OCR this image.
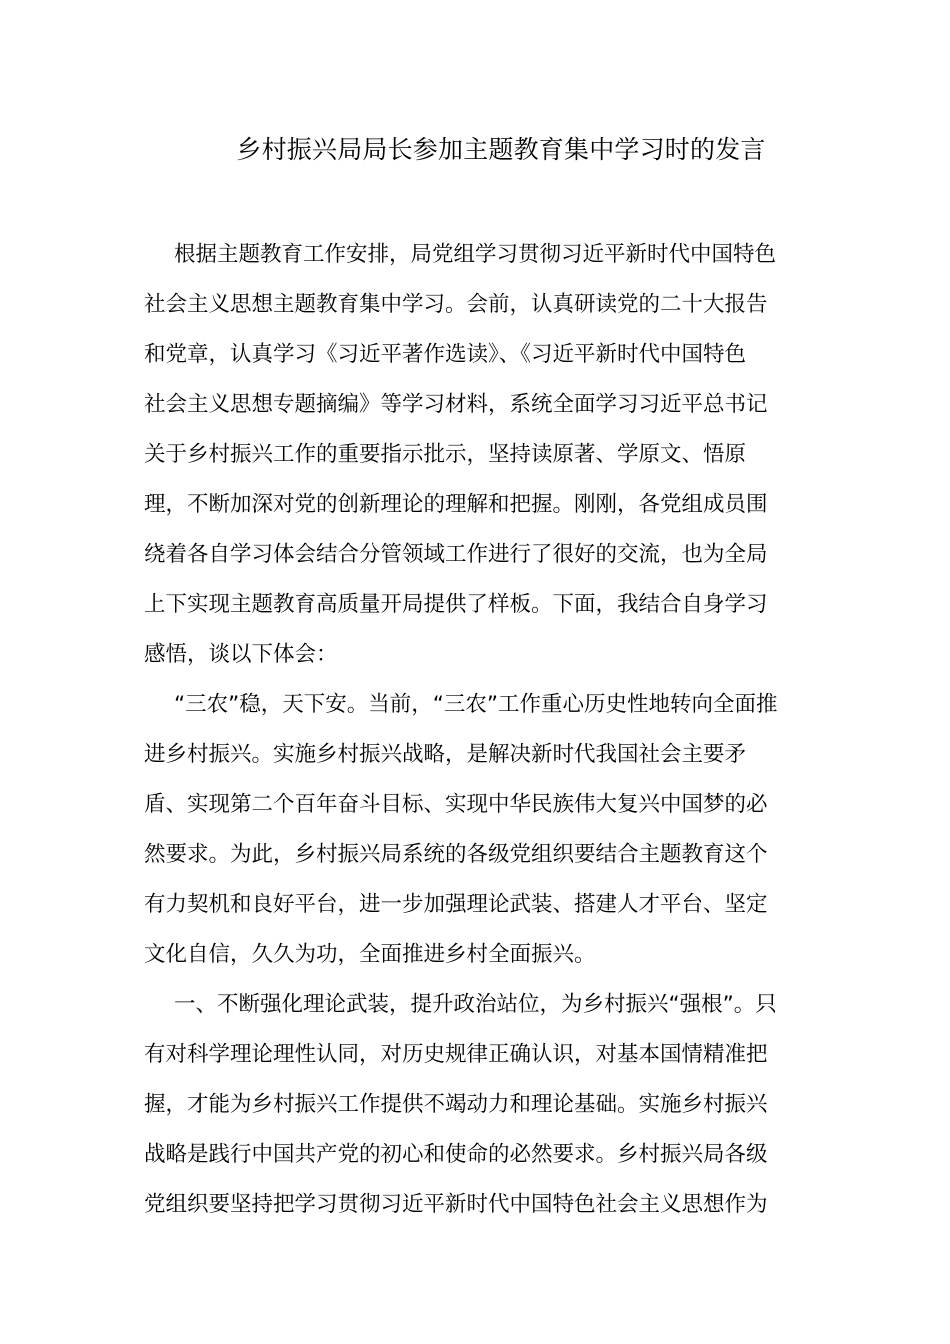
乡村振兴局局长参加主题教育集中学习时的发言
根据主题教育工作安排，局党组学习贯彻习近平新时代中国特色
社会主义思想主题教育集中学习。会前，认真研读党的二十大报告
和党章，认真学习《习近平著作选读》、《习近平新时代中国特色
社会主义思想专题摘编》等学习材料，系统全面学习习近平总书记
关于乡村振兴工作的重要指示批示，坚持读原著、学原文、悟原
理，不断加深对党的创新理论的理解和把握。刚刚，各党组成员围
绕着各自学习体会结合分管领域工作进行了很好的交流，也为全局
上下实现主题教育高质量开局提供了样板。下面，我结合自身学习
感悟，谈以下体会：
“三农”稳，天下安。当前，“三农”工作重心历史性地转向全面推
进乡村振兴。实施乡村振兴战略，是解决新时代我国社会主要矛
盾、实现第二个百年奋斗目标、实现中华民族伟大复兴中国梦的必
然要求。为此，乡村振兴局系统的各级党组织要结合主题教育这个
有力契机和良好平台，进一步加强理论武装、搭建人才平台、坚定
文化自信，久久为功，全面推进乡村全面振兴。
一、不断强化理论武装，提升政治站位，为乡村振兴“强根”。只
有对科学理论理性认同，对历史规律正确认识，对基本国情精准把
握，才能为乡村振兴工作提供不竭动力和理论基础。实施乡村振兴
战略是践行中国共产党的初心和使命的必然要求。乡村振兴局各级
党组织要坚持把学习贯彻习近平新时代中国特色社会主义思想作为
